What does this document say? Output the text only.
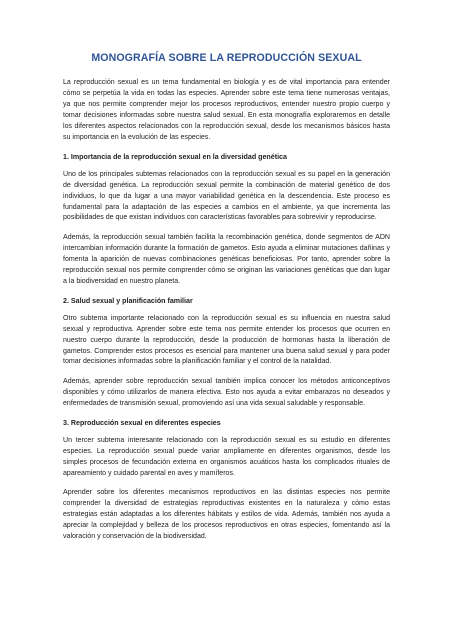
MONOGRAFÍA SOBRE LA REPRODUCCIÓN SEXUAL

La reproducción sexual es un tema fundamental en biología y es de vital importancia para entender cómo se perpetúa la vida en todas las especies. Aprender sobre este tema tiene numerosas ventajas, ya que nos permite comprender mejor los procesos reproductivos, entender nuestro propio cuerpo y tomar decisiones informadas sobre nuestra salud sexual. En esta monografía exploraremos en detalle los diferentes aspectos relacionados con la reproducción sexual, desde los mecanismos básicos hasta su importancia en la evolución de las especies.

1. Importancia de la reproducción sexual en la diversidad genética

Uno de los principales subtemas relacionados con la reproducción sexual es su papel en la generación de diversidad genética. La reproducción sexual permite la combinación de material genético de dos individuos, lo que da lugar a una mayor variabilidad genética en la descendencia. Este proceso es fundamental para la adaptación de las especies a cambios en el ambiente, ya que incrementa las posibilidades de que existan individuos con características favorables para sobrevivir y reproducirse.

Además, la reproducción sexual también facilita la recombinación genética, donde segmentos de ADN intercambian información durante la formación de gametos. Esto ayuda a eliminar mutaciones dañinas y fomenta la aparición de nuevas combinaciones genéticas beneficiosas. Por tanto, aprender sobre la reproducción sexual nos permite comprender cómo se originan las variaciones genéticas que dan lugar a la biodiversidad en nuestro planeta.

2. Salud sexual y planificación familiar

Otro subtema importante relacionado con la reproducción sexual es su influencia en nuestra salud sexual y reproductiva. Aprender sobre este tema nos permite entender los procesos que ocurren en nuestro cuerpo durante la reproducción, desde la producción de hormonas hasta la liberación de gametos. Comprender estos procesos es esencial para mantener una buena salud sexual y para poder tomar decisiones informadas sobre la planificación familiar y el control de la natalidad.

Además, aprender sobre reproducción sexual también implica conocer los métodos anticonceptivos disponibles y cómo utilizarlos de manera efectiva. Esto nos ayuda a evitar embarazos no deseados y enfermedades de transmisión sexual, promoviendo así una vida sexual saludable y responsable.

3. Reproducción sexual en diferentes especies

Un tercer subtema interesante relacionado con la reproducción sexual es su estudio en diferentes especies. La reproducción sexual puede variar ampliamente en diferentes organismos, desde los simples procesos de fecundación externa en organismos acuáticos hasta los complicados rituales de apareamiento y cuidado parental en aves y mamíferos.

Aprender sobre los diferentes mecanismos reproductivos en las distintas especies nos permite comprender la diversidad de estrategias reproductivas existentes en la naturaleza y cómo estas estrategias están adaptadas a los diferentes hábitats y estilos de vida. Además, también nos ayuda a apreciar la complejidad y belleza de los procesos reproductivos en otras especies, fomentando así la valoración y conservación de la biodiversidad.
